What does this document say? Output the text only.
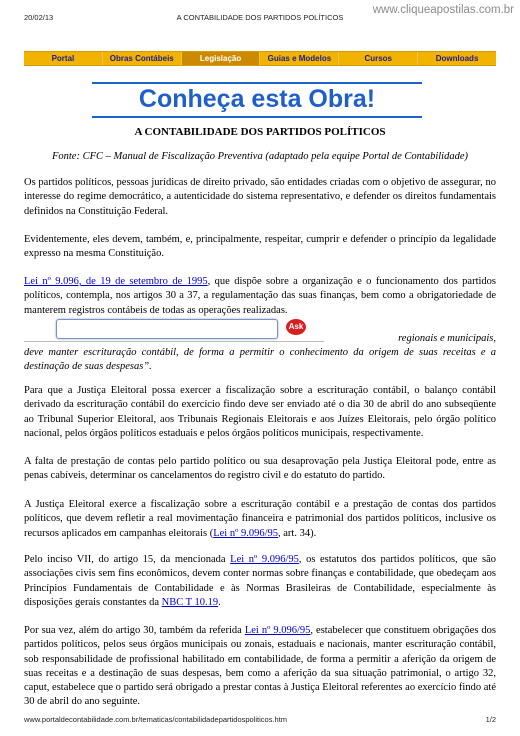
20/02/13	A CONTABILIDADE DOS PARTIDOS POLÍTICOS
www.cliqueapostilas.com.br
Portal	Obras Contábeis	Legislação	Guias e Modelos	Cursos	Downloads
Conheça esta Obra!
A CONTABILIDADE DOS PARTIDOS POLÍTICOS
Fonte: CFC – Manual de Fiscalização Preventiva (adaptado pela equipe Portal de Contabilidade)
Os partidos políticos, pessoas jurídicas de direito privado, são entidades criadas com o objetivo de assegurar, no interesse do regime democrático, a autenticidade do sistema representativo, e defender os direitos fundamentais definidos na Constituição Federal.
Evidentemente, eles devem, também, e, principalmente, respeitar, cumprir e defender o princípio da legalidade expresso na mesma Constituição.
Lei nº 9.096, de 19 de setembro de 1995, que dispõe sobre a organização e o funcionamento dos partidos políticos, contempla, nos artigos 30 a 37, a regulamentação das suas finanças, bem como a obrigatoriedade de manterem registros contábeis de todas as operações realizadas.
Ask
regionais e municipais,
deve manter escrituração contábil, de forma a permitir o conhecimento da origem de suas receitas e a destinação de suas despesas”.
Para que a Justiça Eleitoral possa exercer a fiscalização sobre a escrituração contábil, o balanço contábil derivado da escrituração contábil do exercício findo deve ser enviado até o dia 30 de abril do ano subseqüente ao Tribunal Superior Eleitoral, aos Tribunais Regionais Eleitorais e aos Juízes Eleitorais, pelo órgão político nacional, pelos órgãos políticos estaduais e pelos órgãos políticos municipais, respectivamente.
A falta de prestação de contas pelo partido político ou sua desaprovação pela Justiça Eleitoral pode, entre as penas cabíveis, determinar os cancelamentos do registro civil e do estatuto do partido.
A Justiça Eleitoral exerce a fiscalização sobre a escrituração contábil e a prestação de contas dos partidos políticos, que devem refletir a real movimentação financeira e patrimonial dos partidos políticos, inclusive os recursos aplicados em campanhas eleitorais (Lei nº 9.096/95, art. 34).
Pelo inciso VII, do artigo 15, da mencionada Lei nº 9.096/95, os estatutos dos partidos políticos, que são associações civis sem fins econômicos, devem conter normas sobre finanças e contabilidade, que obedeçam aos Princípios Fundamentais de Contabilidade e às Normas Brasileiras de Contabilidade, especialmente às disposições gerais constantes da NBC T 10.19.
Por sua vez, além do artigo 30, também da referida Lei nº 9.096/95, estabelecer que constituem obrigações dos partidos políticos, pelos seus órgãos municipais ou zonais, estaduais e nacionais, manter escrituração contábil, sob responsabilidade de profissional habilitado em contabilidade, de forma a permitir a aferição da origem de suas receitas e a destinação de suas despesas, bem como a aferição da sua situação patrimonial, o artigo 32, caput, estabelece que o partido será obrigado a prestar contas à Justiça Eleitoral referentes ao exercício findo até 30 de abril do ano seguinte.
www.portaldecontabilidade.com.br/tematicas/contabilidadepartidospoliticos.htm	1/2
